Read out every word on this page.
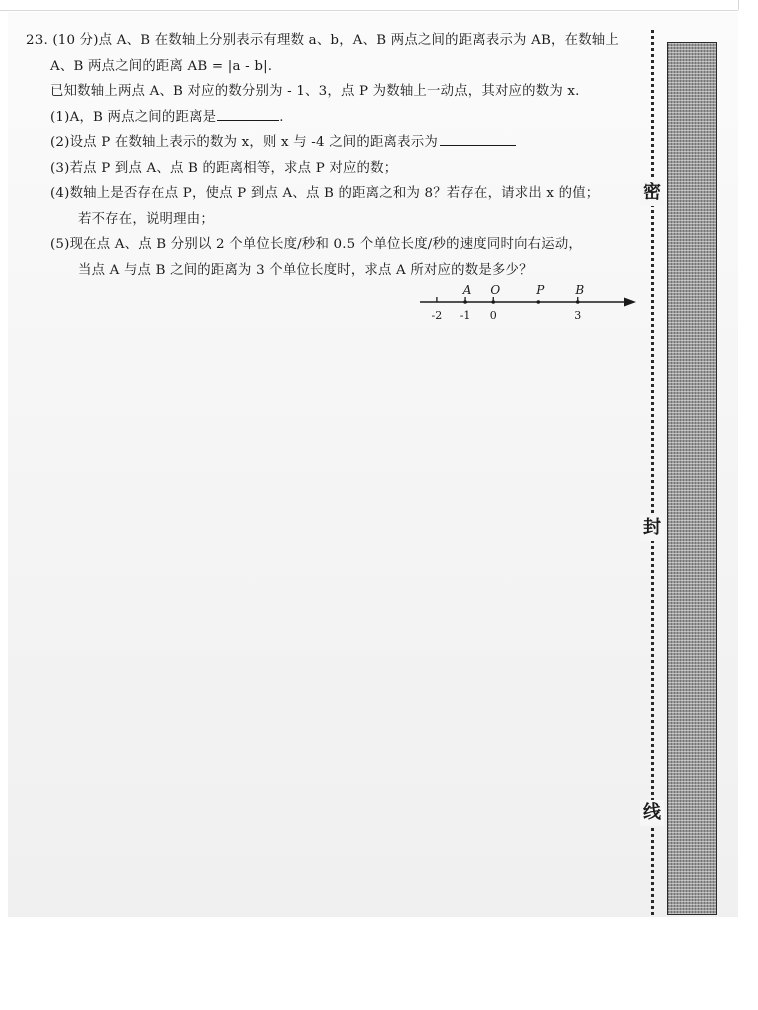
23. (10 分)点 A、B 在数轴上分别表示有理数 a、b，A、B 两点之间的距离表示为 AB，在数轴上
A、B 两点之间的距离 AB = |a - b|.
已知数轴上两点 A、B 对应的数分别为 - 1、3，点 P 为数轴上一动点，其对应的数为 x.
(1)A，B 两点之间的距离是	.
(2)设点 P 在数轴上表示的数为 x，则 x 与 -4 之间的距离表示为
(3)若点 P 到点 A、点 B 的距离相等，求点 P 对应的数；
(4)数轴上是否存在点 P，使点 P 到点 A、点 B 的距离之和为 8？若存在，请求出 x 的值；
若不存在，说明理由；
(5)现在点 A、点 B 分别以 2 个单位长度/秒和 0.5 个单位长度/秒的速度同时向右运动，
当点 A 与点 B 之间的距离为 3 个单位长度时，求点 A 所对应的数是多少？
-2 -1 0	3
A O	P	B
密
封
线
